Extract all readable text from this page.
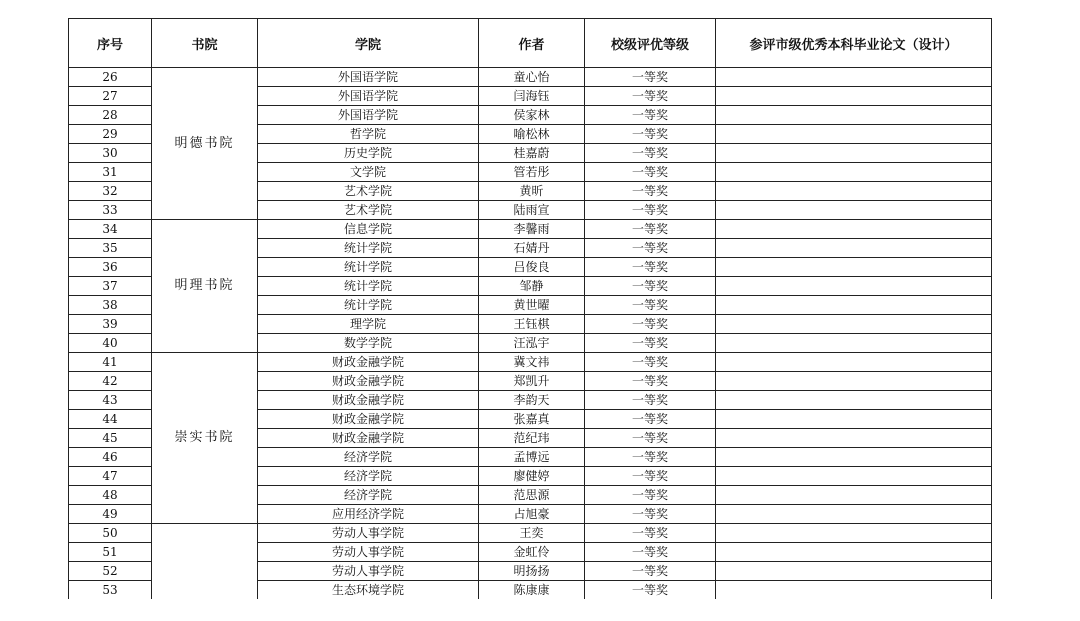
序号	书院	学院	作者	校级评优等级	参评市级优秀本科毕业论文（设计）
26	明德书院	外国语学院	童心怡	一等奖	
27		外国语学院	闫海钰	一等奖	
28		外国语学院	侯家林	一等奖	
29		哲学院	喻松林	一等奖	
30		历史学院	桂嘉蔚	一等奖	
31		文学院	管若彤	一等奖	
32		艺术学院	黄昕	一等奖	
33		艺术学院	陆雨宣	一等奖	
34	明理书院	信息学院	李馨雨	一等奖	
35		统计学院	石婧丹	一等奖	
36		统计学院	吕俊良	一等奖	
37		统计学院	邹静	一等奖	
38		统计学院	黄世曜	一等奖	
39		理学院	王钰棋	一等奖	
40		数学学院	汪泓宇	一等奖	
41	崇实书院	财政金融学院	冀文祎	一等奖	
42		财政金融学院	郑凯升	一等奖	
43		财政金融学院	李韵天	一等奖	
44		财政金融学院	张嘉真	一等奖	
45		财政金融学院	范纪玮	一等奖	
46		经济学院	孟博远	一等奖	
47		经济学院	廖健婷	一等奖	
48		经济学院	范思源	一等奖	
49		应用经济学院	占旭豪	一等奖	
50		劳动人事学院	王奕	一等奖	
51		劳动人事学院	金虹伶	一等奖	
52		劳动人事学院	明扬扬	一等奖	
53		生态环境学院	陈康康	一等奖	
